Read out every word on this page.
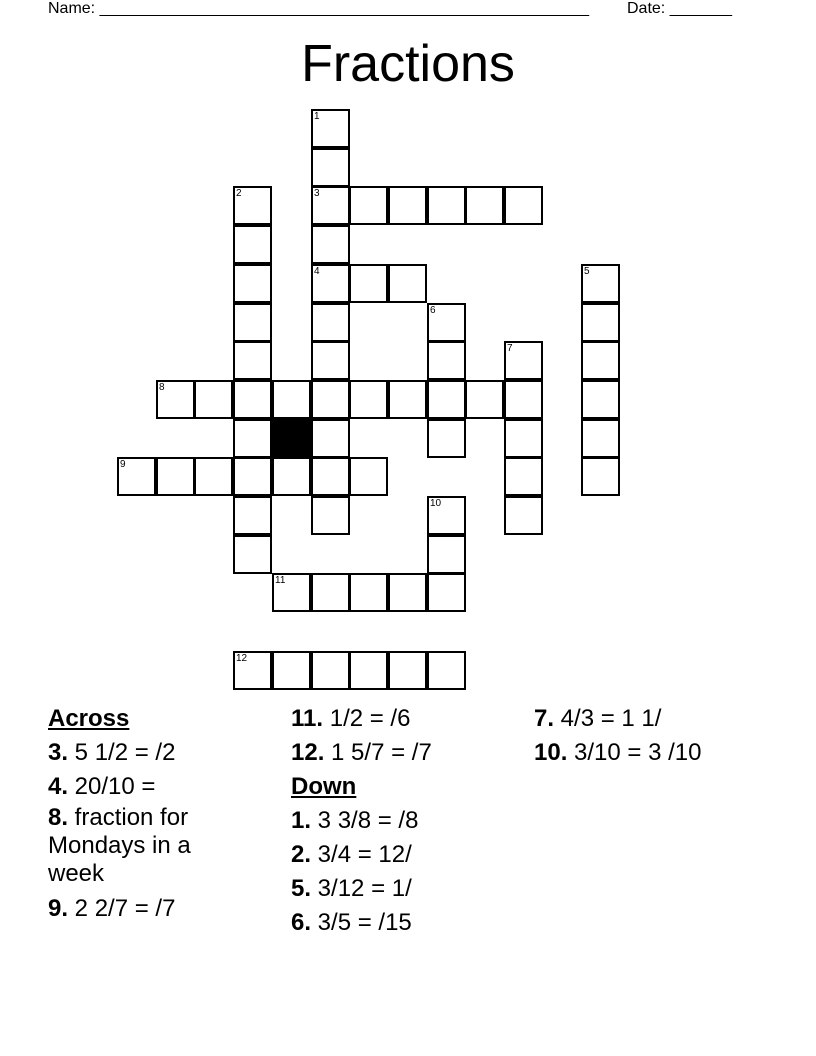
Name: _______________________________________________________ Date: _______
Fractions
1
2	3
4	5
6
7
8
9
10
11
12
Across
3. 5 1/2 = /2
4. 20/10 =
8. fraction for Mondays in a week
9. 2 2/7 = /7
11. 1/2 = /6
12. 1 5/7 = /7
Down
1. 3 3/8 = /8
2. 3/4 = 12/
5. 3/12 = 1/
6. 3/5 = /15
7. 4/3 = 1 1/
10. 3/10 = 3 /10
